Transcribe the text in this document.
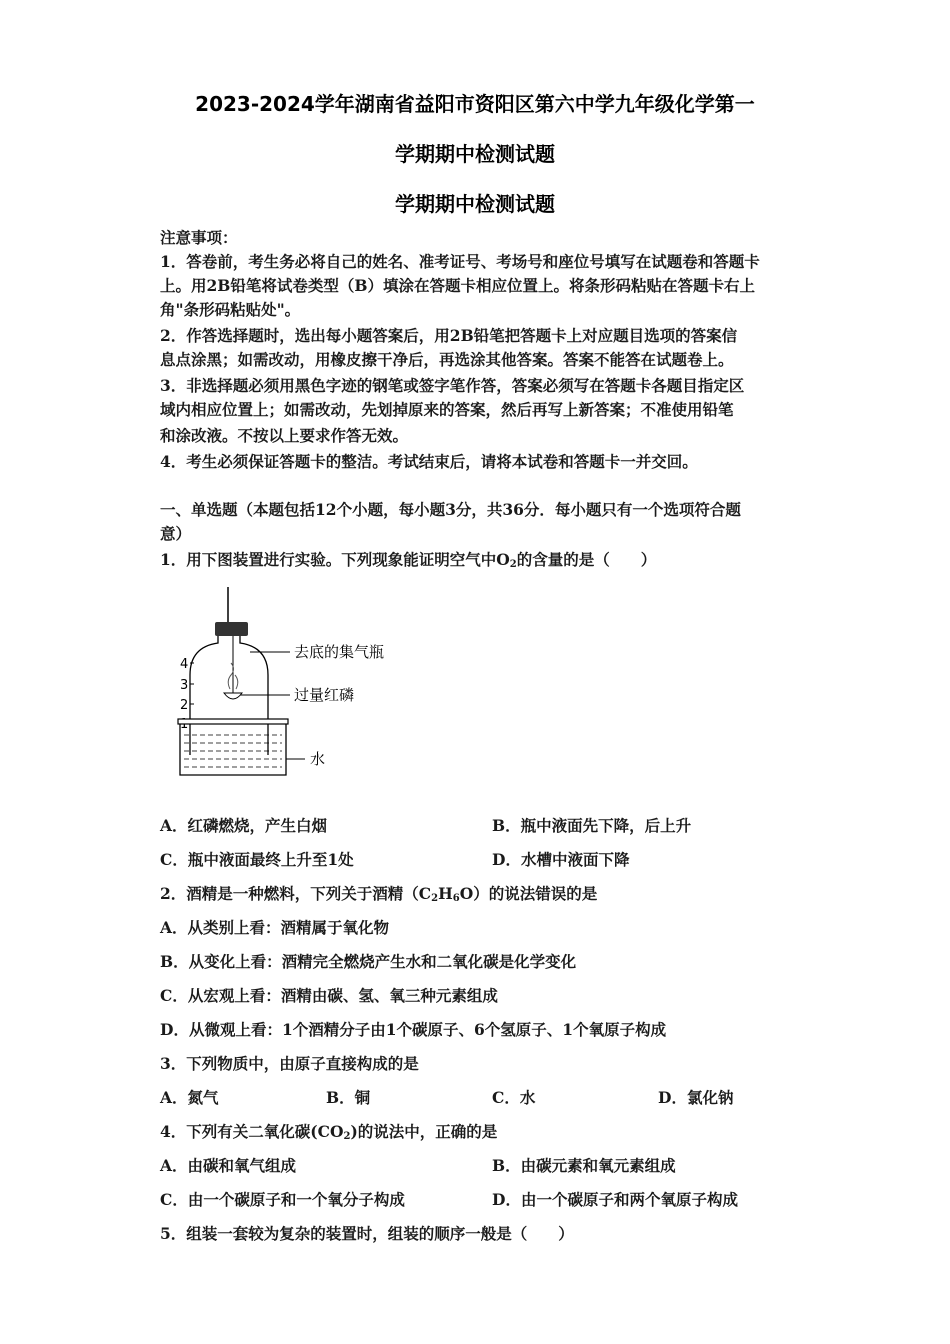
2023-2024学年湖南省益阳市资阳区第六中学九年级化学第一
学期期中检测试题
学期期中检测试题
注意事项：
1．答卷前，考生务必将自己的姓名、准考证号、考场号和座位号填写在试题卷和答题卡
上。用2B铅笔将试卷类型（B）填涂在答题卡相应位置上。将条形码粘贴在答题卡右上
角"条形码粘贴处"。
2．作答选择题时，选出每小题答案后，用2B铅笔把答题卡上对应题目选项的答案信
息点涂黑；如需改动，用橡皮擦干净后，再选涂其他答案。答案不能答在试题卷上。
3．非选择题必须用黑色字迹的钢笔或签字笔作答，答案必须写在答题卡各题目指定区
域内相应位置上；如需改动，先划掉原来的答案，然后再写上新答案；不准使用铅笔
和涂改液。不按以上要求作答无效。
4．考生必须保证答题卡的整洁。考试结束后，请将本试卷和答题卡一并交回。
一、单选题（本题包括12个小题，每小题3分，共36分．每小题只有一个选项符合题
意）
1．用下图装置进行实验。下列现象能证明空气中$O_2$的含量的是（　　）
4
3
2
去底的集气瓶
过量红磷
水
A．红磷燃烧，产生白烟	B．瓶中液面先下降，后上升
C．瓶中液面最终上升至1处	D．水槽中液面下降
2．酒精是一种燃料，下列关于酒精$(C_2H_6O)$的说法错误的是
A．从类别上看：酒精属于氧化物
B．从变化上看：酒精完全燃烧产生水和二氧化碳是化学变化
C．从宏观上看：酒精由碳、氢、氧三种元素组成
D．从微观上看：1个酒精分子由1个碳原子、6个氢原子、1个氧原子构成
3．下列物质中，由原子直接构成的是
A．氮气	B．铜	C．水	D．氯化钠
4．下列有关二氧化碳$(CO_2)$的说法中，正确的是
A．由碳和氧气组成	B．由碳元素和氧元素组成
C．由一个碳原子和一个氧分子构成	D．由一个碳原子和两个氧原子构成
5．组装一套较为复杂的装置时，组装的顺序一般是（　　）
